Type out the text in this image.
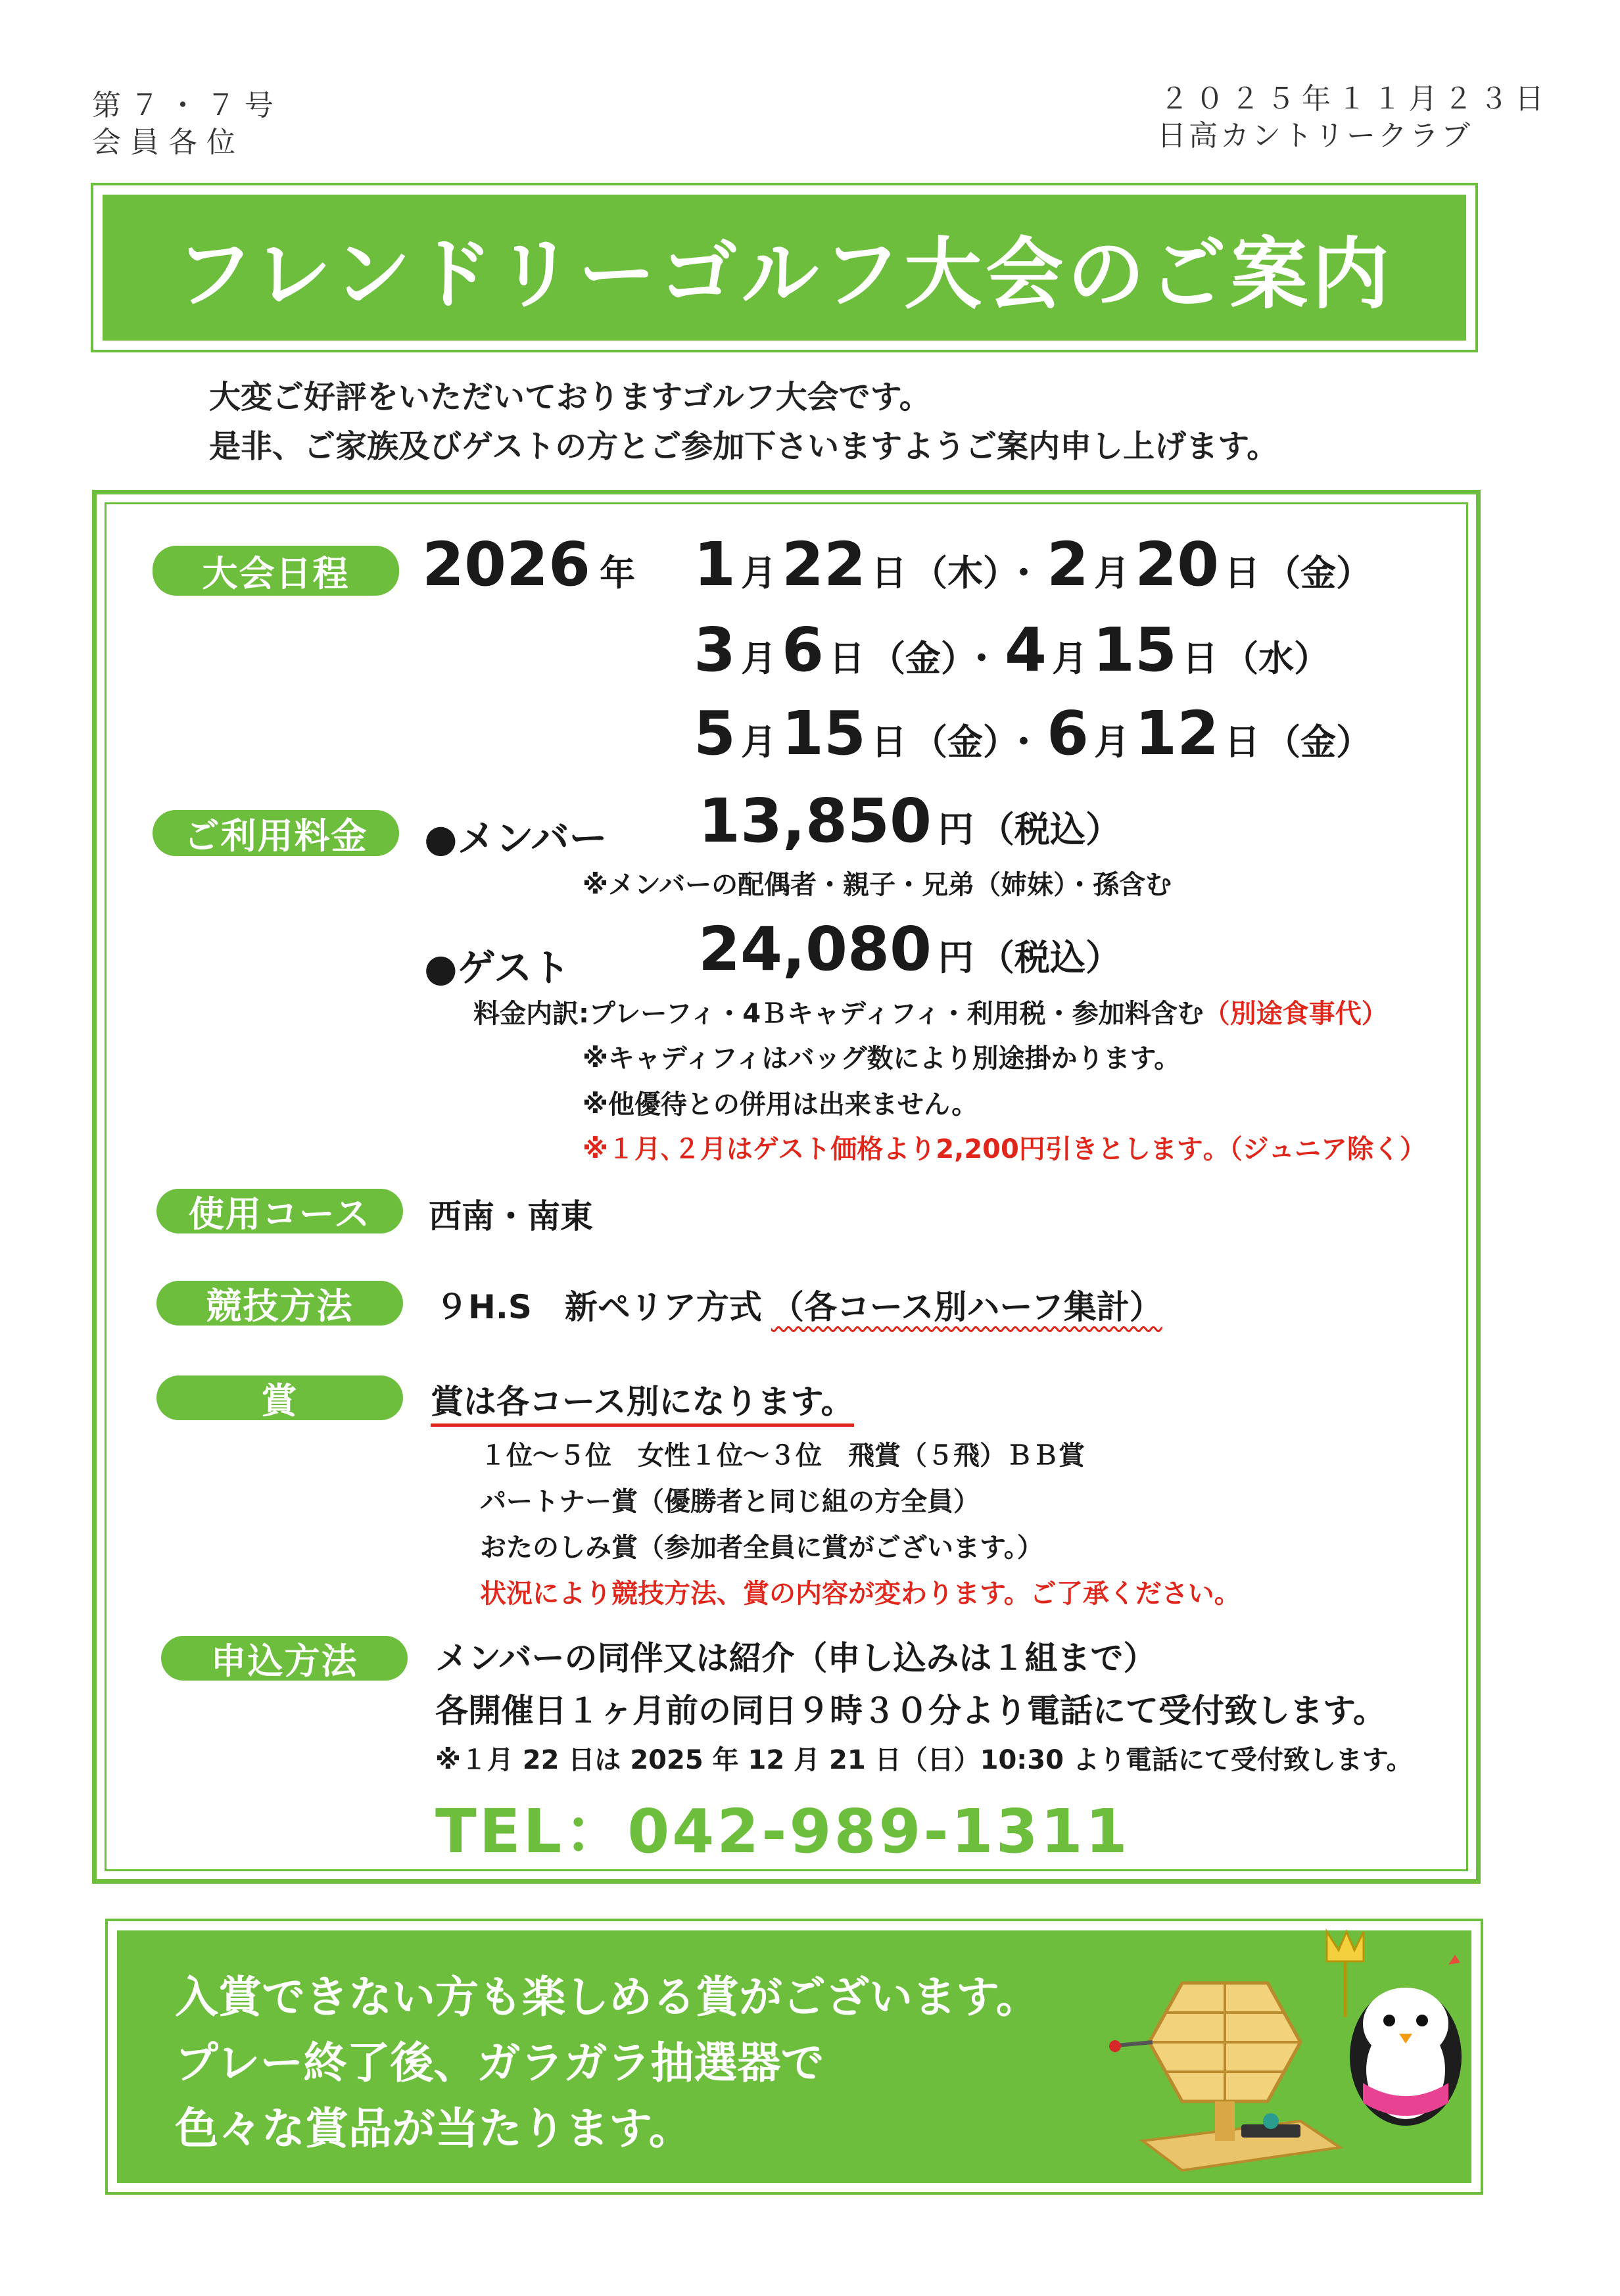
第７・７号
会員各位
２０２５年１１月２３日
日高カントリークラブ
フレンドリーゴルフ大会のご案内
大変ご好評をいただいておりますゴルフ大会です。
是非、ご家族及びゲストの方とご参加下さいますようご案内申し上げます。
大会日程	2026 年 1 月22 日 （木） ・2 月20 日 （金）
3 月6 日 （金） ・4 月15 日 （水）
5 月15 日 （金） ・6 月12 日 （金）
ご利用料金	●メンバー 13,850 円 （税込）
※メンバーの配偶者・親子・兄弟（姉妹）・孫含む
●ゲスト 24,080 円 （税込）
料金内訳:プレーフィ・4Ｂキャディフィ・利用税・参加料含む（別途食事代）
※キャディフィはバッグ数により別途掛かります。
※他優待との併用は出来ません。
※１月､２月はゲスト価格より2,200円引きとします｡（ジュニア除く）
使用コース	西南・南東
競技方法	９H.S　新ペリア方式 （各コース別ハーフ集計）
賞	賞は各コース別になります。
１位～５位　女性１位～３位　飛賞（５飛）ＢＢ賞
パートナー賞（優勝者と同じ組の方全員）
おたのしみ賞（参加者全員に賞がございます。）
状況により競技方法、賞の内容が変わります。ご了承ください。
申込方法	メンバーの同伴又は紹介（申し込みは１組まで）
各開催日１ヶ月前の同日９時３０分より電話にて受付致します。
※１月 22 日は 2025 年 12 月 21 日（日）10:30 より電話にて受付致します。
TEL：042-989-1311
入賞できない方も楽しめる賞がございます。
プレー終了後、ガラガラ抽選器で
色々な賞品が当たります。
